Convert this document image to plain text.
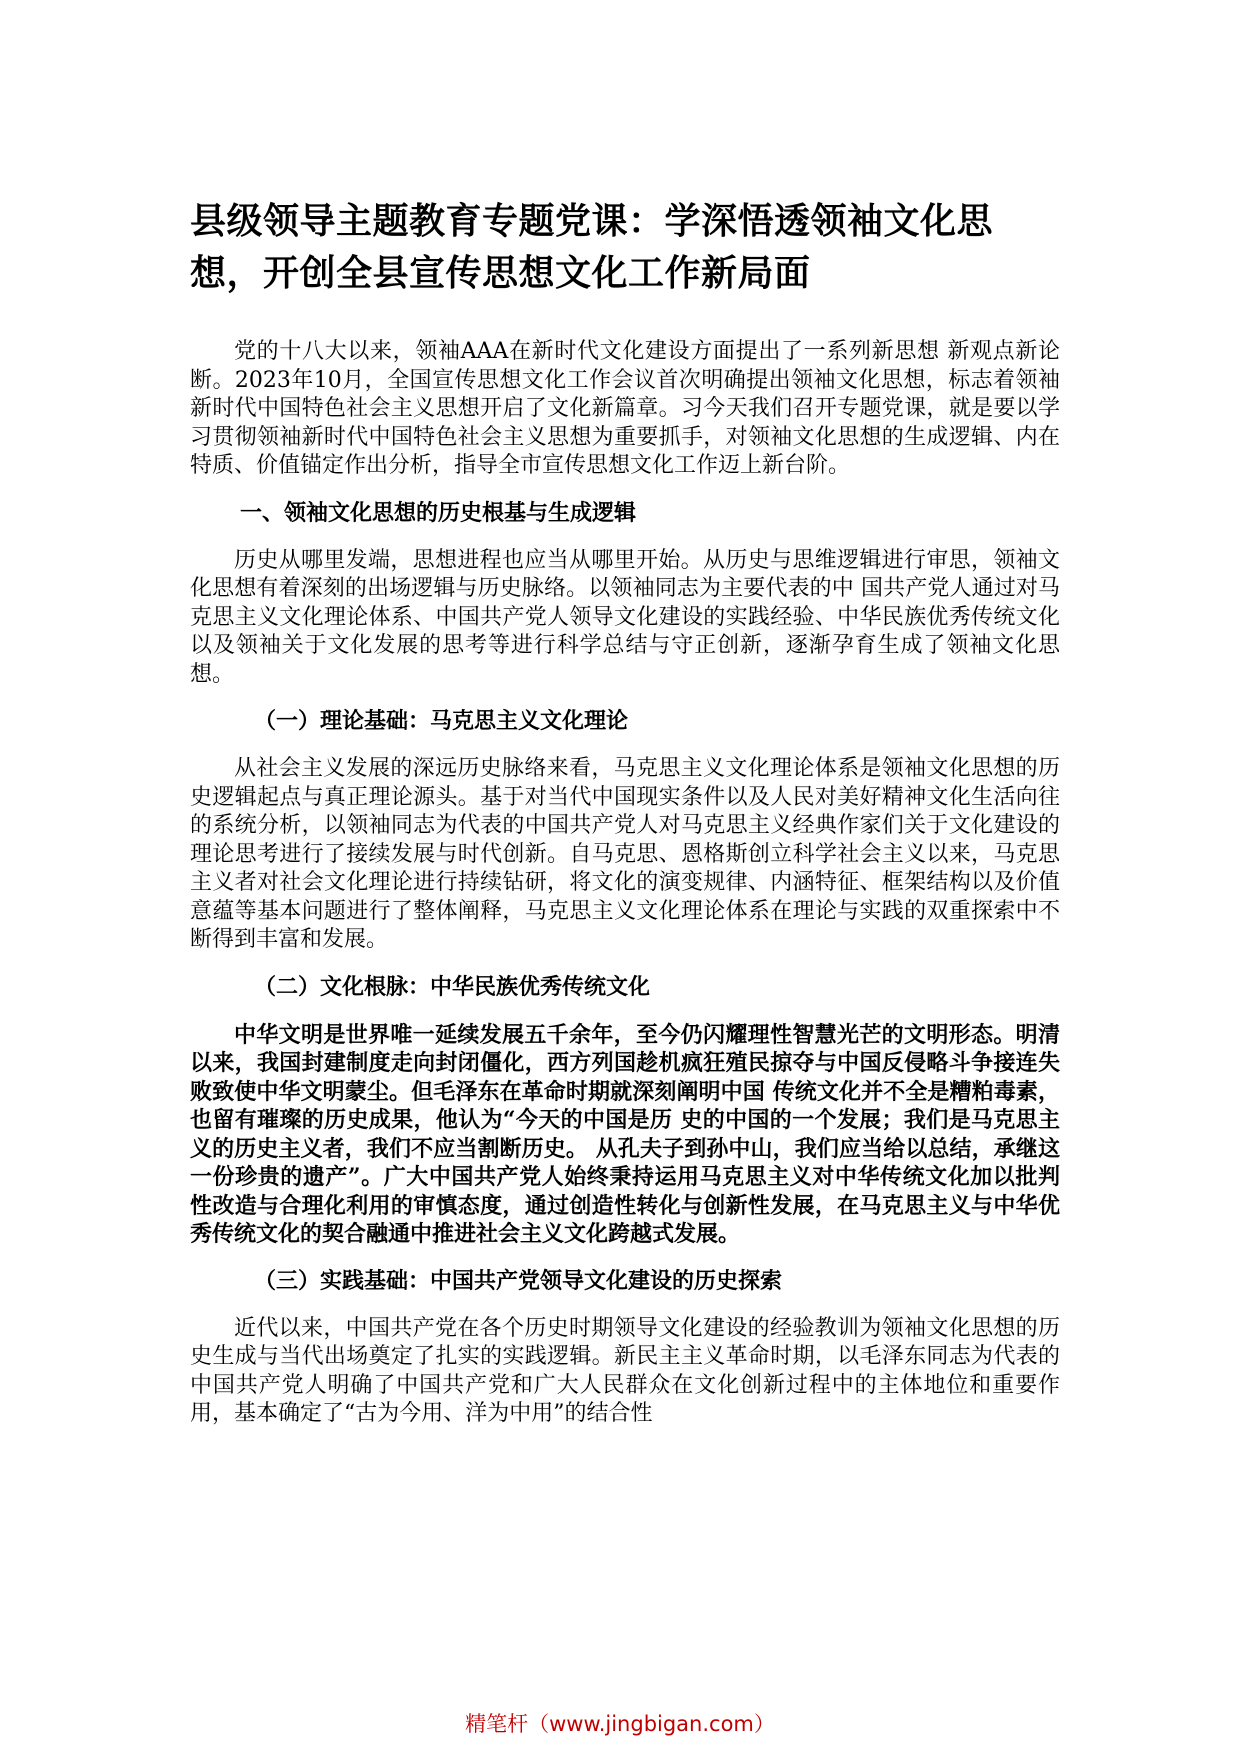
县级领导主题教育专题党课：学深悟透领袖文化思想，开创全县宣传思想文化工作新局面

党的十八大以来，领袖AAA在新时代文化建设方面提出了一系列新思想 新观点新论断。2023年10月，全国宣传思想文化工作会议首次明确提出领袖文化思想，标志着领袖新时代中国特色社会主义思想开启了文化新篇章。习今天我们召开专题党课，就是要以学习贯彻领袖新时代中国特色社会主义思想为重要抓手，对领袖文化思想的生成逻辑、内在特质、价值锚定作出分析，指导全市宣传思想文化工作迈上新台阶。

一、领袖文化思想的历史根基与生成逻辑

历史从哪里发端，思想进程也应当从哪里开始。从历史与思维逻辑进行审思，领袖文化思想有着深刻的出场逻辑与历史脉络。以领袖同志为主要代表的中 国共产党人通过对马克思主义文化理论体系、中国共产党人领导文化建设的实践经验、中华民族优秀传统文化以及领袖关于文化发展的思考等进行科学总结与守正创新，逐渐孕育生成了领袖文化思想。

（一）理论基础：马克思主义文化理论

从社会主义发展的深远历史脉络来看，马克思主义文化理论体系是领袖文化思想的历史逻辑起点与真正理论源头。基于对当代中国现实条件以及人民对美好精神文化生活向往的系统分析，以领袖同志为代表的中国共产党人对马克思主义经典作家们关于文化建设的理论思考进行了接续发展与时代创新。自马克思、恩格斯创立科学社会主义以来，马克思主义者对社会文化理论进行持续钻研，将文化的演变规律、内涵特征、框架结构以及价值意蕴等基本问题进行了整体阐释，马克思主义文化理论体系在理论与实践的双重探索中不断得到丰富和发展。

（二）文化根脉：中华民族优秀传统文化

中华文明是世界唯一延续发展五千余年，至今仍闪耀理性智慧光芒的文明形态。明清以来，我国封建制度走向封闭僵化，西方列国趁机疯狂殖民掠夺与中国反侵略斗争接连失败致使中华文明蒙尘。但毛泽东在革命时期就深刻阐明中国 传统文化并不全是糟粕毒素，也留有璀璨的历史成果，他认为“今天的中国是历 史的中国的一个发展；我们是马克思主义的历史主义者，我们不应当割断历史。 从孔夫子到孙中山，我们应当给以总结，承继这一份珍贵的遗产”。广大中国共产党人始终秉持运用马克思主义对中华传统文化加以批判性改造与合理化利用的审慎态度，通过创造性转化与创新性发展，在马克思主义与中华优秀传统文化的契合融通中推进社会主义文化跨越式发展。

（三）实践基础：中国共产党领导文化建设的历史探索

近代以来，中国共产党在各个历史时期领导文化建设的经验教训为领袖文化思想的历史生成与当代出场奠定了扎实的实践逻辑。新民主主义革命时期，以毛泽东同志为代表的中国共产党人明确了中国共产党和广大人民群众在文化创新过程中的主体地位和重要作用，基本确定了“古为今用、洋为中用”的结合性

精笔杆（www.jingbigan.com）
